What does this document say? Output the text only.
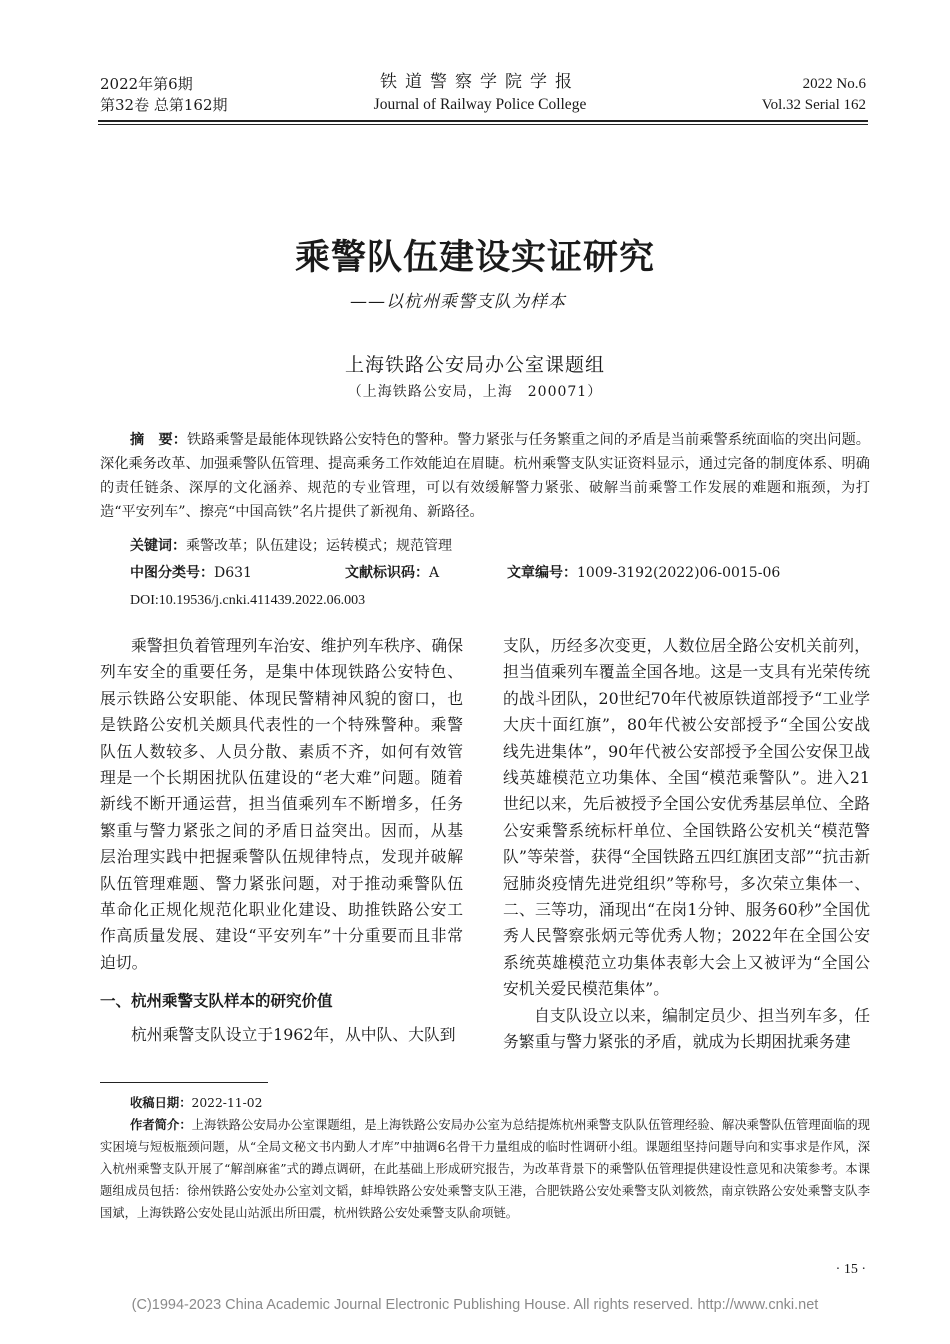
2022年第6期
第32卷 总第162期
铁道警察学院学报
Journal of Railway Police College
2022 No.6
Vol.32 Serial 162
乘警队伍建设实证研究
——以杭州乘警支队为样本
上海铁路公安局办公室课题组
（上海铁路公安局，上海　200071）
摘　要：铁路乘警是最能体现铁路公安特色的警种。警力紧张与任务繁重之间的矛盾是当前乘警系统面临的突出问题。深化乘务改革、加强乘警队伍管理、提高乘务工作效能迫在眉睫。杭州乘警支队实证资料显示，通过完备的制度体系、明确的责任链条、深厚的文化涵养、规范的专业管理，可以有效缓解警力紧张、破解当前乘警工作发展的难题和瓶颈，为打造“平安列车”、擦亮“中国高铁”名片提供了新视角、新路径。
关键词：乘警改革；队伍建设；运转模式；规范管理
中图分类号：D631	文献标识码：A	文章编号：1009-3192(2022)06-0015-06
DOI:10.19536/j.cnki.411439.2022.06.003

乘警担负着管理列车治安、维护列车秩序、确保列车安全的重要任务，是集中体现铁路公安特色、展示铁路公安职能、体现民警精神风貌的窗口，也是铁路公安机关颇具代表性的一个特殊警种。乘警队伍人数较多、人员分散、素质不齐，如何有效管理是一个长期困扰队伍建设的“老大难”问题。随着新线不断开通运营，担当值乘列车不断增多，任务繁重与警力紧张之间的矛盾日益突出。因而，从基层治理实践中把握乘警队伍规律特点，发现并破解队伍管理难题、警力紧张问题，对于推动乘警队伍革命化正规化规范化职业化建设、助推铁路公安工作高质量发展、建设“平安列车”十分重要而且非常迫切。

一、杭州乘警支队样本的研究价值

杭州乘警支队设立于1962年，从中队、大队到

支队，历经多次变更，人数位居全路公安机关前列，担当值乘列车覆盖全国各地。这是一支具有光荣传统的战斗团队，20世纪70年代被原铁道部授予“工业学大庆十面红旗”，80年代被公安部授予“全国公安战线先进集体”，90年代被公安部授予全国公安保卫战线英雄模范立功集体、全国“模范乘警队”。进入21世纪以来，先后被授予全国公安优秀基层单位、全路公安乘警系统标杆单位、全国铁路公安机关“模范警队”等荣誉，获得“全国铁路五四红旗团支部”“抗击新冠肺炎疫情先进党组织”等称号，多次荣立集体一、二、三等功，涌现出“在岗1分钟、服务60秒”全国优秀人民警察张炳元等优秀人物；2022年在全国公安系统英雄模范立功集体表彰大会上又被评为“全国公安机关爱民模范集体”。

自支队设立以来，编制定员少、担当列车多，任务繁重与警力紧张的矛盾，就成为长期困扰乘务建

收稿日期：2022-11-02
作者简介：上海铁路公安局办公室课题组，是上海铁路公安局办公室为总结提炼杭州乘警支队队伍管理经验、解决乘警队伍管理面临的现实困境与短板瓶颈问题，从“全局文秘文书内勤人才库”中抽调6名骨干力量组成的临时性调研小组。课题组坚持问题导向和实事求是作风，深入杭州乘警支队开展了“解剖麻雀”式的蹲点调研，在此基础上形成研究报告，为改革背景下的乘警队伍管理提供建设性意见和决策参考。本课题组成员包括：徐州铁路公安处办公室刘文韬，蚌埠铁路公安处乘警支队王港，合肥铁路公安处乘警支队刘筱然，南京铁路公安处乘警支队李国斌，上海铁路公安处昆山站派出所田震，杭州铁路公安处乘警支队俞项链。
· 15 ·
(C)1994-2023 China Academic Journal Electronic Publishing House. All rights reserved. http://www.cnki.net
